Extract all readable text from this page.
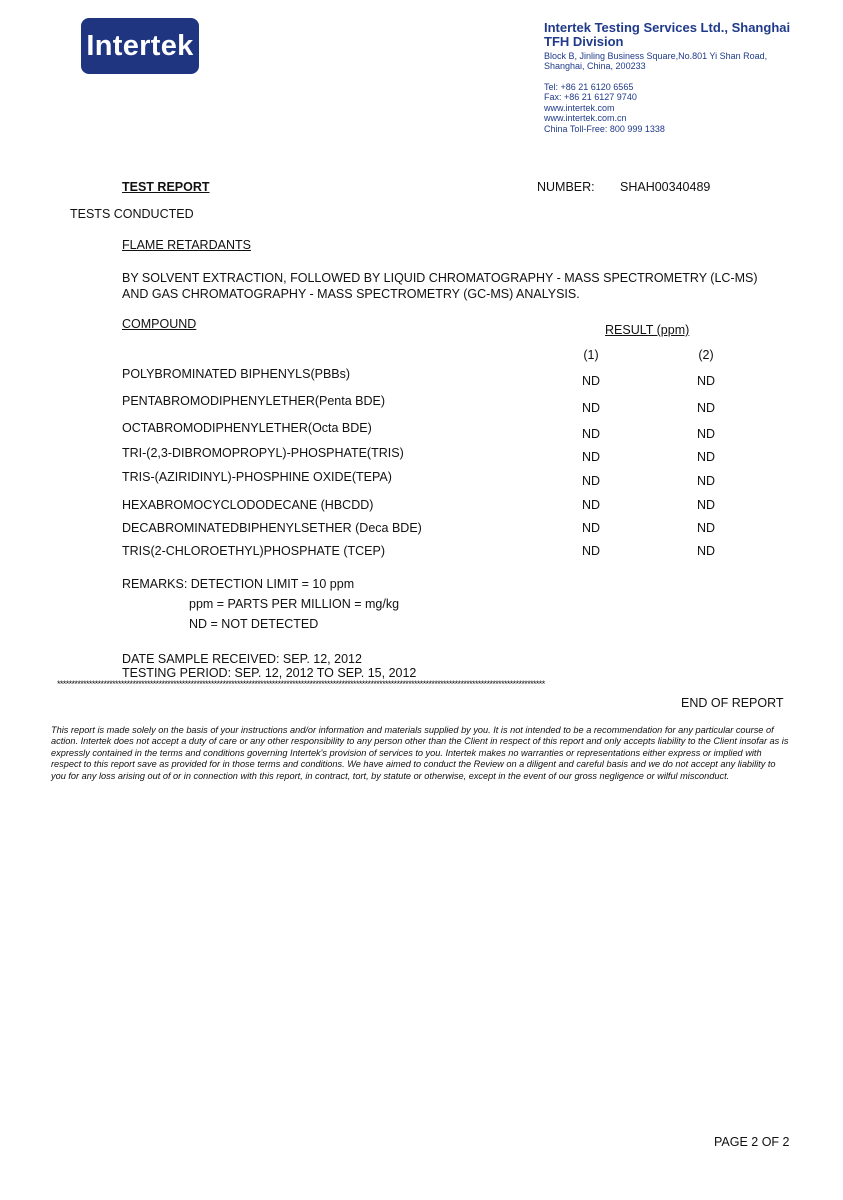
Intertek
Intertek Testing Services Ltd., Shanghai
TFH Division
Block B, Jinling Business Square,No.801 Yi Shan Road,
Shanghai, China, 200233
Tel: +86 21 6120 6565
Fax: +86 21 6127 9740
www.intertek.com
www.intertek.com.cn
China Toll-Free: 800 999 1338
TEST REPORT	NUMBER: SHAH00340489
TESTS CONDUCTED
FLAME RETARDANTS
BY SOLVENT EXTRACTION, FOLLOWED BY LIQUID CHROMATOGRAPHY - MASS SPECTROMETRY (LC-MS)
AND GAS CHROMATOGRAPHY - MASS SPECTROMETRY (GC-MS) ANALYSIS.
COMPOUND	RESULT (ppm)
(1)	(2)
POLYBROMINATED BIPHENYLS(PBBs)	ND	ND
PENTABROMODIPHENYLETHER(Penta BDE)	ND	ND
OCTABROMODIPHENYLETHER(Octa BDE)	ND	ND
TRI-(2,3-DIBROMOPROPYL)-PHOSPHATE(TRIS)	ND	ND
TRIS-(AZIRIDINYL)-PHOSPHINE OXIDE(TEPA)	ND	ND
HEXABROMOCYCLODODECANE (HBCDD)	ND	ND
DECABROMINATEDBIPHENYLSETHER (Deca BDE)	ND	ND
TRIS(2-CHLOROETHYL)PHOSPHATE (TCEP)	ND	ND
REMARKS: DETECTION LIMIT = 10 ppm
ppm = PARTS PER MILLION = mg/kg
ND = NOT DETECTED
DATE SAMPLE RECEIVED: SEP. 12, 2012
TESTING PERIOD: SEP. 12, 2012 TO SEP. 15, 2012
************************************************************************************************************************************************************************
END OF REPORT
This report is made solely on the basis of your instructions and/or information and materials supplied by you. It is not intended to be a recommendation for any particular course of action. Intertek does not accept a duty of care or any other responsibility to any person other than the Client in respect of this report and only accepts liability to the Client insofar as is expressly contained in the terms and conditions governing Intertek's provision of services to you. Intertek makes no warranties or representations either express or implied with respect to this report save as provided for in those terms and conditions. We have aimed to conduct the Review on a diligent and careful basis and we do not accept any liability to you for any loss arising out of or in connection with this report, in contract, tort, by statute or otherwise, except in the event of our gross negligence or wilful misconduct.
PAGE 2 OF 2
